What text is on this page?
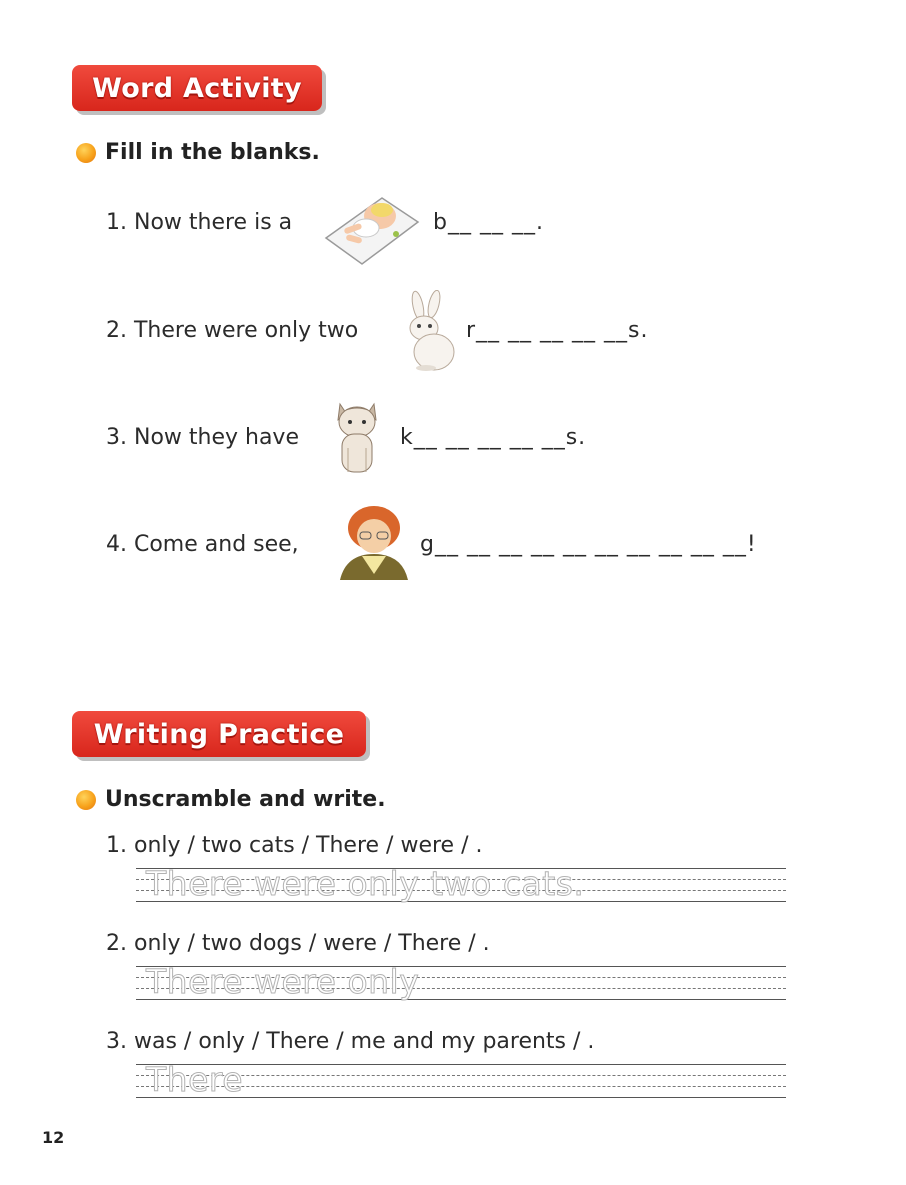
Word Activity
Fill in the blanks.
1. Now there is a	b__ __ __.
2. There were only two	r__ __ __ __ __s.
3. Now they have	k__ __ __ __ __s.
4. Come and see,	g__ __ __ __ __ __ __ __ __ __!
Writing Practice
Unscramble and write.
1. only / two cats / There / were / .
There were only two cats.
2. only / two dogs / were / There / .
There were only
3. was / only / There / me and my parents / .
There
12
